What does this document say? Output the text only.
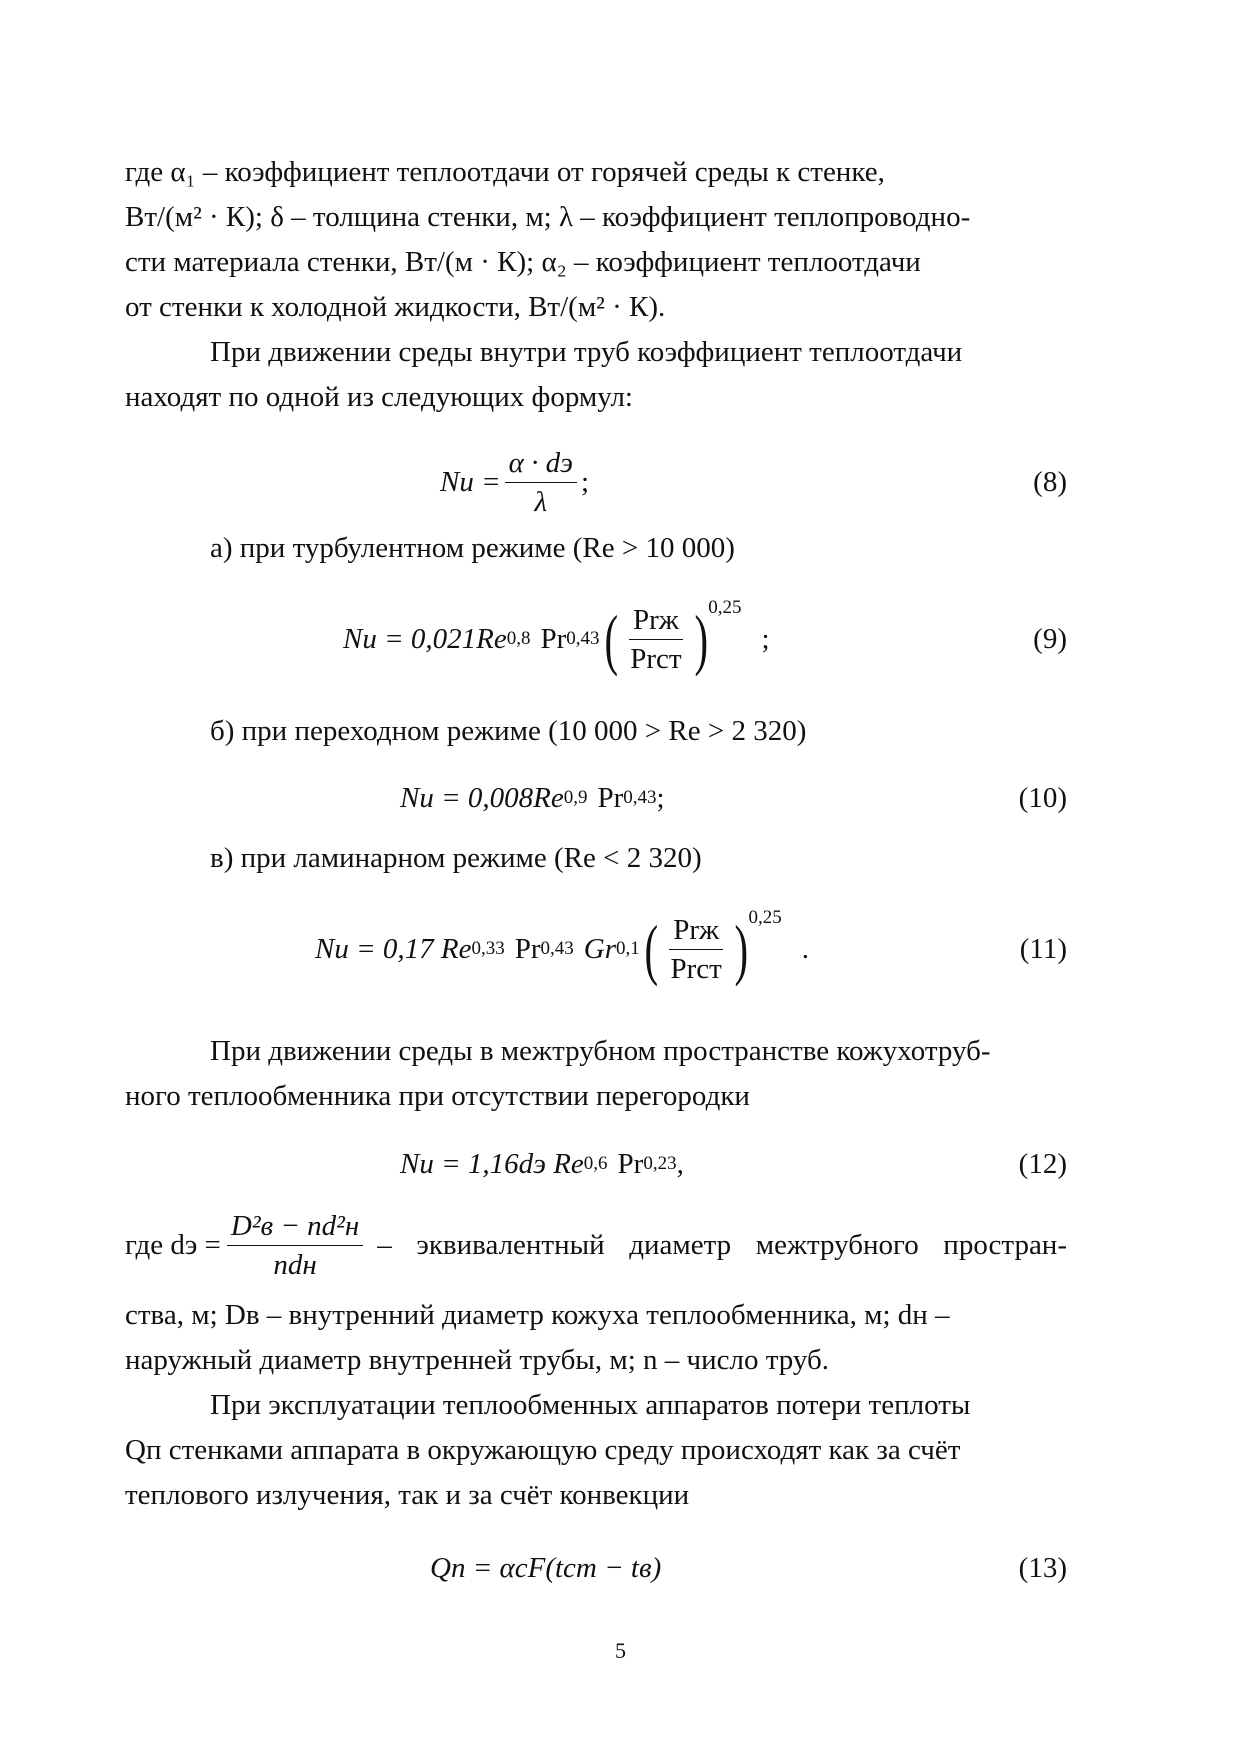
где α₁ – коэффициент теплоотдачи от горячей среды к стенке,

Вт/(м² · К); δ – толщина стенки, м; λ – коэффициент теплопроводно-

сти материала стенки, Вт/(м · К); α₂ – коэффициент теплоотдачи

от стенки к холодной жидкости, Вт/(м² · К).

При движении среды внутри труб коэффициент теплоотдачи

находят по одной из следующих формул:

$Nu = \frac{\alpha \cdot dэ}{\lambda}$ ;	(8)

а) при турбулентном режиме (Re > 10 000)

Nu = 0,021Re 0,8 Pr 0,43 ( $\frac{\text{Prж}}{\text{Prст}}$ ) 0,25
;	(9)

б) при переходном режиме (10 000 > Re > 2 320)

Nu = 0,008Re 0,9 Pr 0,43 ;	(10)

в) при ламинарном режиме (Re < 2 320)

Nu = 0,17 Re 0,33 Pr 0,43 Gr 0,1 ( $\frac{\text{Prж}}{\text{Prст}}$ ) 0,25
.	(11)

При движении среды в межтрубном пространстве кожухотруб-

ного теплообменника при отсутствии перегородки

Nu = 1,16dэ Re 0,6 Pr 0,23 ,	(12)
где dэ = $\frac{\text{D²в − nd²н}}{\text{ndн}}$ – эквивалентный диаметр межтрубного простран-

ства, м; Dв – внутренний диаметр кожуха теплообменника, м; dн –

наружный диаметр внутренней трубы, м; n – число труб.

При эксплуатации теплообменных аппаратов потери теплоты

Qп стенками аппарата в окружающую среду происходят как за счёт

теплового излучения, так и за счёт конвекции

Qп = αсF(tст − tв)	(13)
5
